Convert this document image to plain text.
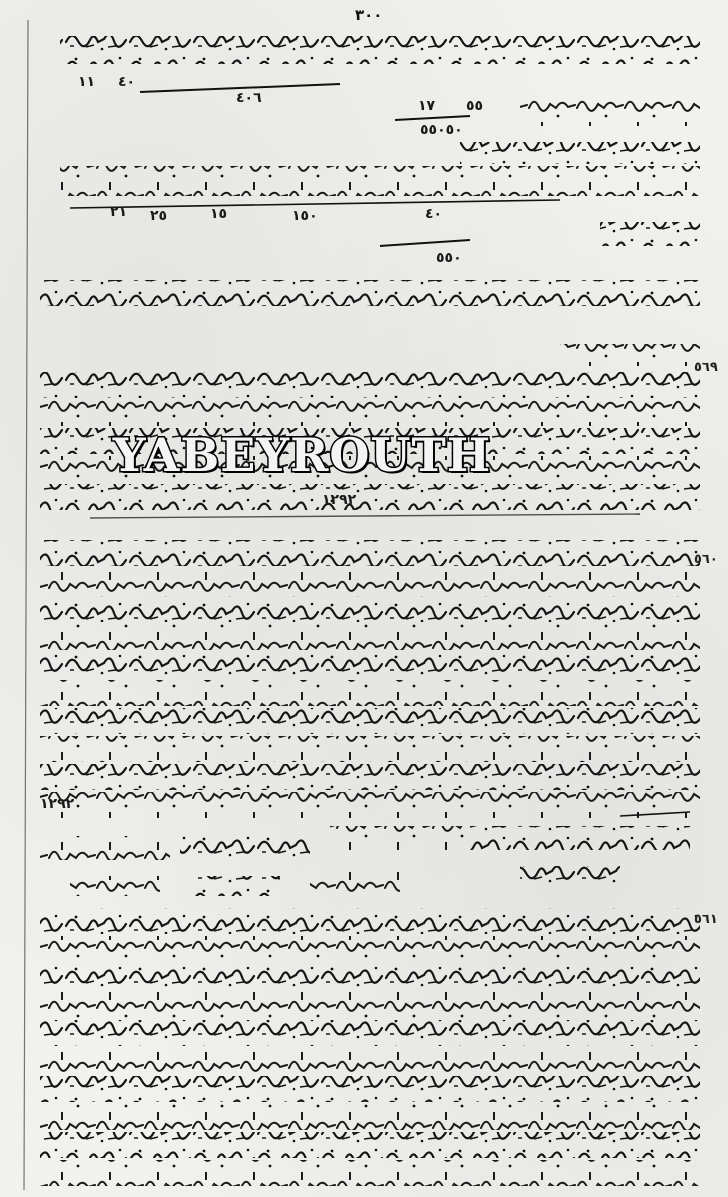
٣٠٠
١١ ٤٠
٤٠٦	١٧ ٥٥
٥٥٠٥٠
٢١ ٢٥	١٥	١٥٠	٤٠
٥٥٠
١٢٩٢
١٢٩٢
٥٦٩
٥٦٠
٥٦١
YABEYROUTH
